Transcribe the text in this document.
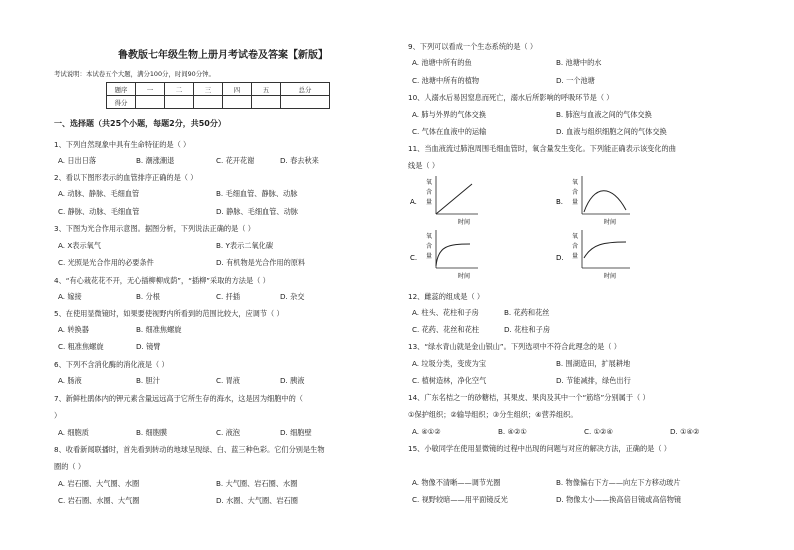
鲁教版七年级生物上册月考试卷及答案【新版】
考试说明：本试卷五个大题，满分100分，时间90分钟。
题序	一	二	三	四	五	总分
得分						
一、选择题（共25个小题，每题2分，共50分）
1、下列自然现象中具有生命特征的是（ ）
A. 日出日落	B. 潮涨潮退	C. 花开花谢	D. 春去秋来
2、看以下图形表示的血管排序正确的是（ ）
A. 动脉、静脉、毛细血管	B. 毛细血管、静脉、动脉
C. 静脉、动脉、毛细血管	D. 静脉、毛细血管、动脉
3、下图为光合作用示意图。据图分析，下列说法正确的是（ ）
A. X表示氧气	B. Y表示二氧化碳
C. 光照是光合作用的必要条件	D. 有机物是光合作用的原料
4、“有心栽花花不开，无心插柳柳成荫”，“插柳”采取的方法是（ ）
A. 嫁接	B. 分根	C. 扦插	D. 杂交
5、在使用显微镜时，如果要使视野内所看到的范围比较大，应调节（ ）
A. 转换器	B. 细准焦螺旋
C. 粗准焦螺旋	D. 镜臂
6、下列不含消化酶的消化液是（ ）
A. 肠液	B. 胆汁	C. 胃液	D. 胰液
7、新鲜杜鹃体内的钾元素含量远远高于它所生存的海水，这是因为细胞中的（
）
A. 细胞质	B. 细胞膜	C. 液泡	D. 细胞壁
8、收看新闻联播时，首先看到转动的地球呈现绿、白、蓝三种色彩。它们分别是生物
圈的（ ）
A. 岩石圈、大气圈、水圈	B. 大气圈、岩石圈、水圈
C. 岩石圈、水圈、大气圈	D. 水圈、大气圈、岩石圈
9、下列可以看成一个生态系统的是（ ）
A. 池塘中所有的鱼	B. 池塘中的水
C. 池塘中所有的植物	D. 一个池塘
10、人溺水后易因窒息而死亡，溺水后所影响的呼吸环节是（ ）
A. 肺与外界的气体交换	B. 肺泡与血液之间的气体交换
C. 气体在血液中的运输	D. 血液与组织细胞之间的气体交换
11、当血液流过肺泡周围毛细血管时，氧含量发生变化。下列能正确表示该变化的曲
线是（ ）
A.
氧
含
量
时间
B.
氧
含
量
时间
C.
氧
含
量
时间
D.
氧
含
量
时间
12、雌蕊的组成是（ ）
A. 柱头、花柱和子房	B. 花药和花丝
C. 花药、花丝和花柱	D. 花柱和子房
13、“绿水青山就是金山银山”。下列选项中不符合此理念的是（ ）
A. 垃圾分类，变废为宝	B. 围湖造田，扩展耕地
C. 植树造林，净化空气	D. 节能减排，绿色出行
14、广东名桔之一的砂糖桔，其果皮、果肉及其中一个“筋络”分别属于（ ）
①保护组织；②输导组织；③分生组织；④营养组织。
A. ④①②	B. ④②①	C. ①②④	D. ①④②
15、小敏同学在使用显微镜的过程中出现的问题与对应的解决方法，正确的是（ ）
A. 物像不清晰——调节光圈	B. 物像偏右下方——向左下方移动玻片
C. 视野较暗——用平面镜反光	D. 物像太小——换高倍目镜或高倍物镜
